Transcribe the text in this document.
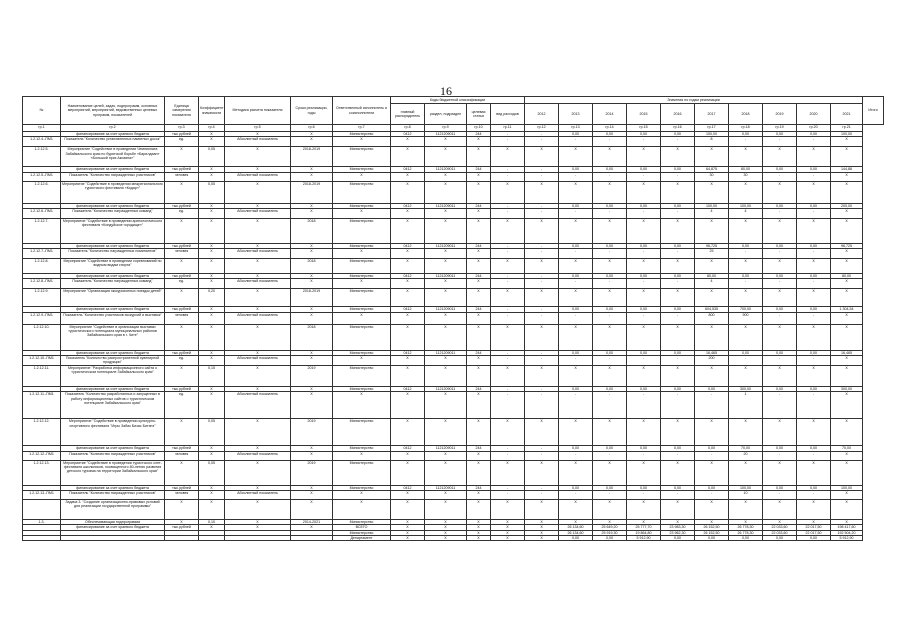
16
№	Наименование целей, задач, подпрограмм, основных мероприятий, мероприятий, ведомственных целевых программ, показателей	Единица измерения показателя	Коэффициент значимости	Методика расчета показателя	Сроки реализации, годы	Ответственный исполнитель и соисполнители	Коды бюджетной классификации				Значения по годам реализации										Итого
							главный распорядитель	раздел, подраздел	целевая статья	вид расходов	2012	2013	2014	2015	2016	2017	2018	2019	2020	2021	
гр.1	гр.2	гр.3	гр.4	гр.5	гр.6	гр.7	гр.8	гр.9	гр.10	гр.11	гр.12	гр.13	гр.14	гр.15	гр.16	гр.17	гр.18	гр.19	гр.20	гр.21	
	финансирование за счет краевого бюджета	тыс.рублей	Х	Х	Х	Министерство	0412	1121209011	244	-	-	0,00	0,00	0,00	0,00	100,00	0,00	0,00	0,00	100,00	
1.2.12.4.-ПМ1	Показатель "Количество установленных памятных досок"	ед.	Х	Абсолютный показатель	Х	Х	Х	Х	Х	-	-	-	-	-	-	8	-	-	-	Х	
1.2.12.5.	Мероприятие "Содействие в проведении Чемпионата Забайкальского края по бурятской борьбе «Барилдаан» «Большой приз Аксаяна»"	Х	0,05	Х	2018-2019	Министерство	Х	Х	Х	Х	Х	Х	Х	Х	Х	Х	Х	Х	Х	Х	
	финансирование за счет краевого бюджета	тыс.рублей	Х	Х	Х	Министерство	0412	1121209011	244	-	-	0,00	0,00	0,00	0,00	64,875	80,00	0,00	0,00	144,88	
1.2.12.5.-ПМ1	Показатель "Количество награжденных участников"	человек	Х	Абсолютный показатель	Х	Х	Х	Х	Х	-	-	-	-	-	-	30	30	-	-	Х	
1.2.12.6.	Мероприятие "Содействие в проведении межрегионального туристского фестиваля «Кодар»"	Х	0,05	Х	2018-2019	Министерство	Х	Х	Х	Х	Х	Х	Х	Х	Х	Х	Х	Х	Х	Х	
	финансирование за счет краевого бюджета	тыс.рублей	Х	Х	Х	Министерство	0412	1121209011	244	-	-	0,00	0,00	0,00	0,00	100,00	100,00	0,00	0,00	200,00	
1.2.12.6.-ПМ1	Показатель "Количество награжденных команд"	ед.	Х	Абсолютный показатель	Х	Х	Х	Х	Х	-	-	-	-	-	-	4	4	-	-	Х	
1.2.12.7.	Мероприятие "Содействие в проведении археологического фестиваля «Кондуйское городище»"	Х	Х	Х	2018	Министерство	Х	Х	Х	Х	Х	Х	Х	Х	Х	Х	Х	Х	Х	Х	
	финансирование за счет краевого бюджета	тыс.рублей	Х	Х	Х	Министерство	0412	1121209011	244	-	-	0,00	0,00	0,00	0,00	96,725	0,00	0,00	0,00	96,725	
1.2.12.7.-ПМ1	Показатель "Количество награжденных номинантов"	человек	Х	Абсолютный показатель	Х	Х	Х	Х	Х	-	-	-	-	-	-	25	-	-	-	Х	
1.2.12.8.	Мероприятие "Содействие в проведении соревнований по водным видам спорта"	Х	Х	Х	2018	Министерство	Х	Х	Х	Х	Х	Х	Х	Х	Х	Х	Х	Х	Х	Х	
	финансирование за счет краевого бюджета	тыс.рублей	Х	Х	Х	Министерство	0412	1121209011	244	-	-	0,00	0,00	0,00	0,00	80,00	0,00	0,00	0,00	80,00	
1.2.12.8.-ПМ1	Показатель "Количество награжденных команд"	ед.	Х	Абсолютный показатель	Х	Х	Х	Х	Х	-	-	-	-	-	-	4	-	-	-	Х	
1.2.12.9.	Мероприятие "Организация экскурсионных поездок детей"	Х	0,20	Х	2018-2019	Министерство	Х	Х	Х	Х	Х	Х	Х	Х	Х	Х	Х	Х	Х	Х	
	финансирование за счет краевого бюджета	тыс.рублей	Х	Х	Х	Министерство	0412	1121209011	244	-	-	0,00	0,00	0,00	0,00	604,535	700,00	0,00	0,00	1 304,54	
1.2.12.9.-ПМ1	Показатель "Количество участников экскурсий и выставок"	человек	Х	Абсолютный показатель	Х	Х	Х	Х	Х	-	-	-	-	-	-	800	900	-	-	Х	
1.2.12.10.	Мероприятие "Содействие в организации выставки туристического потенциала муниципальных районов Забайкальского края в г. Чите"	Х	Х	Х	2018	Министерство	Х	Х	Х	Х	Х	Х	Х	Х	Х	Х	Х	Х	Х	Х	
	финансирование за счет краевого бюджета	тыс.рублей	Х	Х	Х	Министерство	0412	1121209011	244	-	-	0,00	0,00	0,00	0,00	16,465	0,00	0,00	0,00	16,465	
1.2.12.10.-ПМ1	Показатель "Количество распространенной сувенирной продукции"	ед.	Х	Абсолютный показатель	Х	Х	Х	Х	Х	-	-	-	-	-	-	200	-	-	-	Х	
1.2.12.11.	Мероприятие "Разработка информационного сайта о туристическом потенциале Забайкальского края"	Х	0,15	Х	2019	Министерство	Х	Х	Х	Х	Х	Х	Х	Х	Х	Х	Х	Х	Х	Х	
	финансирование за счет краевого бюджета	тыс.рублей	Х	Х	Х	Министерство	0412	1121209011	244	-	-	0,00	0,00	0,00	0,00	0,00	300,00	0,00	0,00	300,00	
1.2.12.11.-ПМ1	Показатель "Количество разработанных и запущенных в работу информационных сайтов о туристическом потенциале Забайкальского края"	ед.	Х	Абсолютный показатель	Х	Х	Х	Х	Х	-	-	-	-	-	-	-	1	-	-	Х	
1.2.12.12.	Мероприятие "Содействие в проведении культурно-спортивного фестиваля "Игры Забик Бизас Битэнэ"	Х	0,05	Х	2019	Министерство	Х	Х	Х	Х	Х	Х	Х	Х	Х	Х	Х	Х	Х	Х	
	финансирование за счет краевого бюджета	тыс.рублей	Х	Х	Х	Министерство	0412	1121209011	244	-	-	0,00	0,00	0,00	0,00	0,00	70,00	0,00	0,00	70,00	
1.2.12.12.-ПМ1	Показатель "Количество награжденных участников"	человек	Х	Абсолютный показатель	Х	Х	Х	Х	Х	-	-	-	-	-	-	-	20	-	-	Х	
1.2.12.13.	Мероприятие "Содействие в проведении туристского слет-фестиваля школьников, посвященного 80-летию развития детского туризма на территории Забайкальского края"	Х	0,05	Х	2019	Министерство	Х	Х	Х	Х	Х	Х	Х	Х	Х	Х	Х	Х	Х	Х	
	финансирование за счет краевого бюджета	тыс.рублей	Х	Х	Х	Министерство	0412	1121209011	244	-	-	0,00	0,00	0,00	0,00	0,00	100,00	0,00	0,00	100,00	
1.2.12.13.-ПМ1	Показатель "Количество награжденных участников"	человек	Х	Абсолютный показатель	Х	Х	Х	Х	Х	-	-	-	-	-	-	-	10	-	-	Х	
	Задача 3. "Создание организационно-правовых условий для реализации государственной программы"	Х	Х	Х	Х	Х	Х	Х	Х	Х	Х	Х	Х	Х	Х	Х	Х	Х	Х	Х	
1.3.	Обеспечивающая подпрограмма	Х	0,10	Х	2014-2021	Министерство	Х	Х	Х	Х	Х	Х	Х	Х	Х	Х	Х	Х	Х	Х	
	финансирование за счет краевого бюджета	тыс.рублей	Х	Х	Х	ВСЕГО	Х	Х	Х	Х	Х	26 134,60	25 649,20	25 777,70	23 983,30	26 152,50	26 778,30	22 033,60	22 017,50	198 417,60	
						Министерство	Х	Х	Х	Х	Х	26 134,60	25 919,30	19 864,80	23 962,30	26 152,50	26 778,30	22 033,60	22 017,50	192 504,20	
						Департамент	Х	Х	Х	Х	Х	0,00	0,00	5 912,90	0,00	0,00	0,00	0,00	0,00	5 912,90	
